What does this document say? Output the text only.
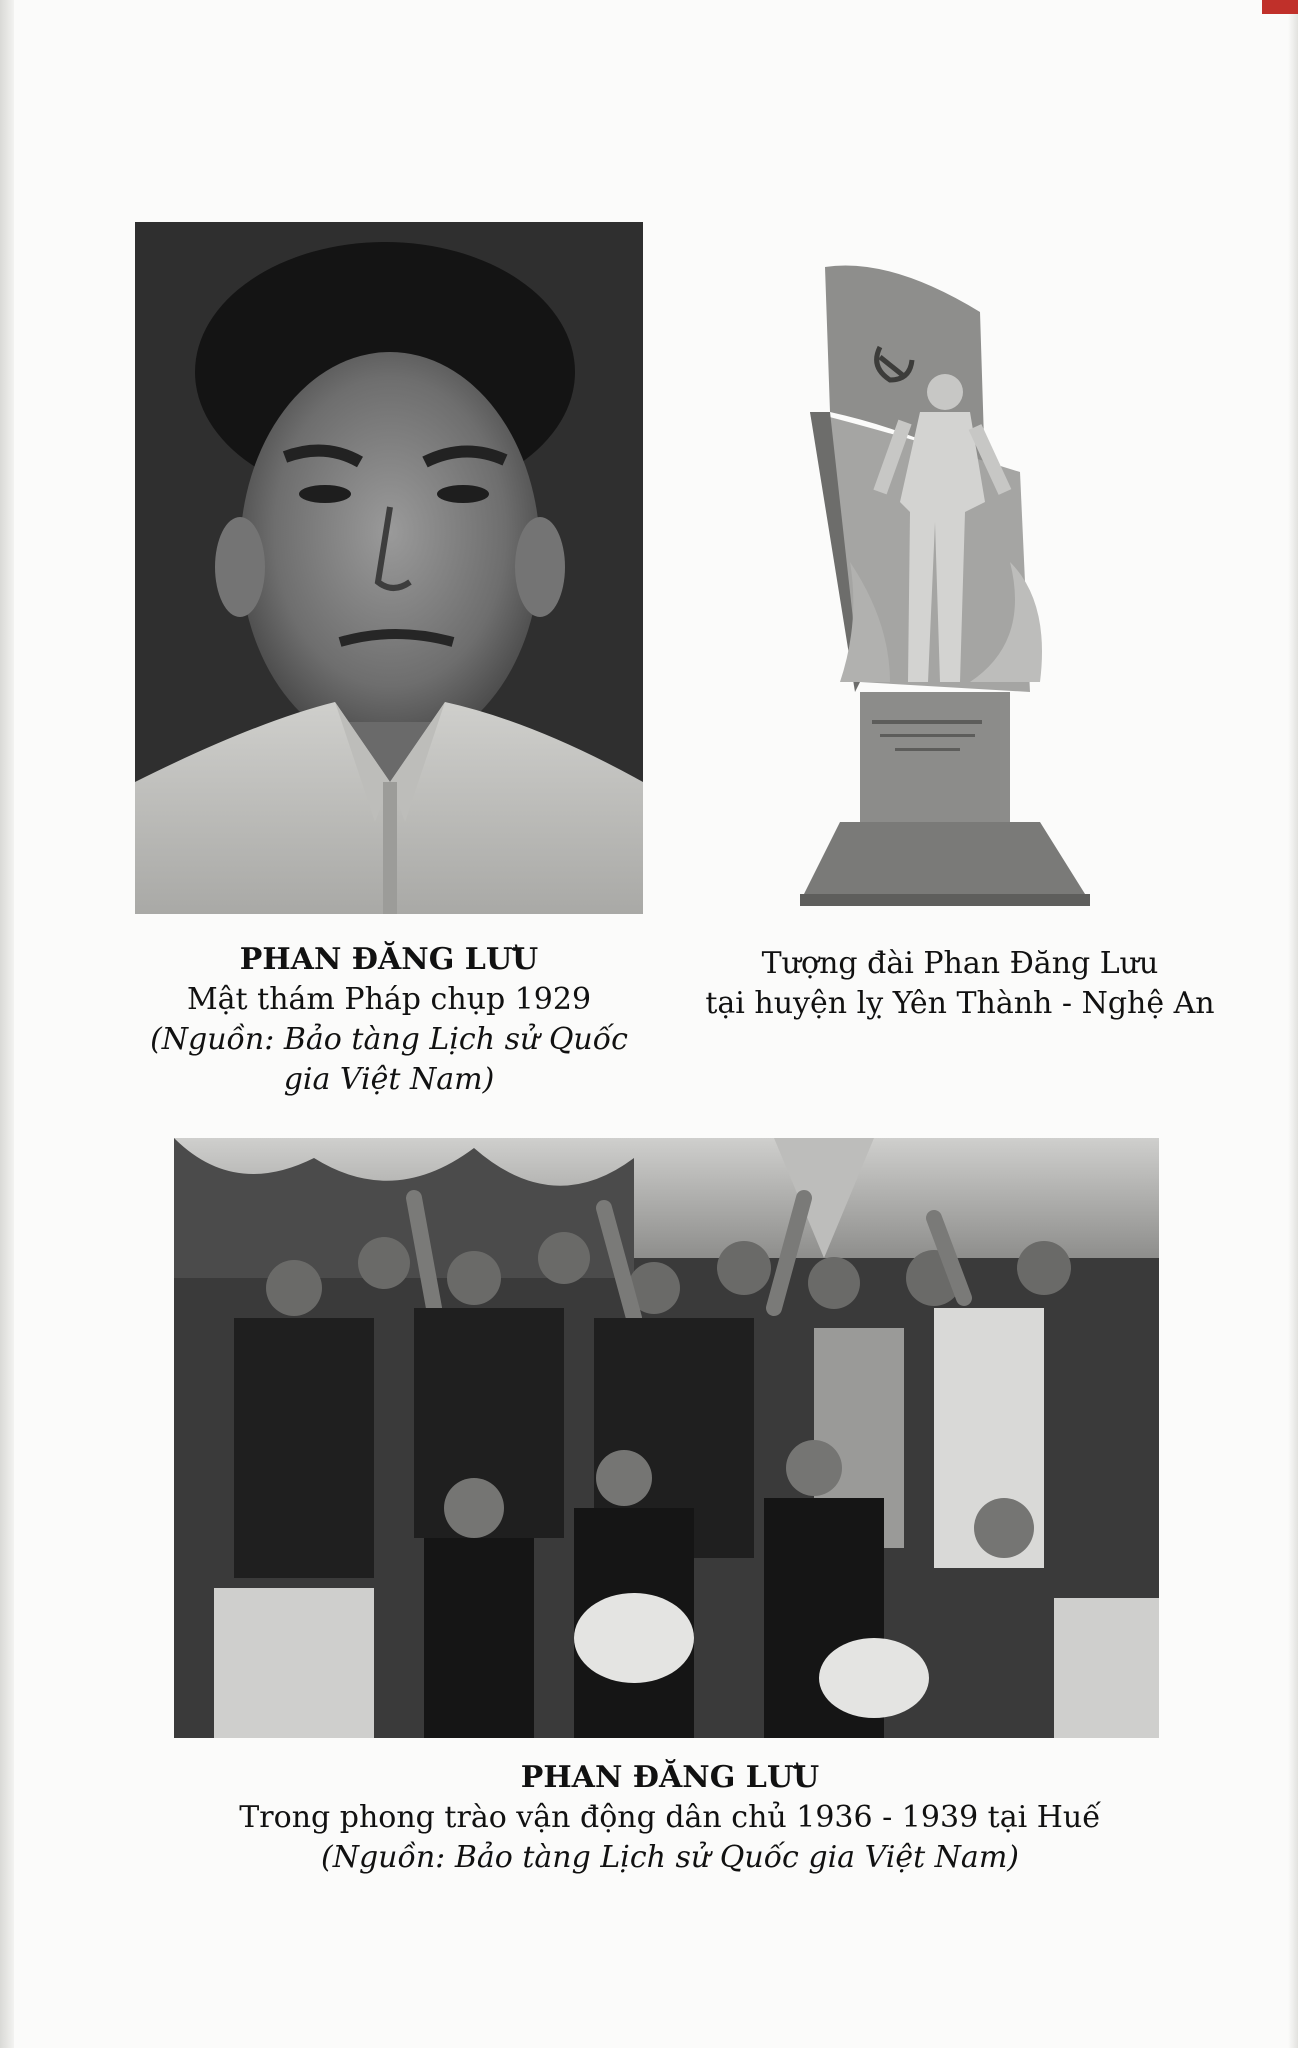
PHAN ĐĂNG LƯU
Mật thám Pháp chụp 1929
(Nguồn: Bảo tàng Lịch sử Quốc gia Việt Nam)
Tượng đài Phan Đăng Lưu
tại huyện lỵ Yên Thành - Nghệ An
PHAN ĐĂNG LƯU
Trong phong trào vận động dân chủ 1936 - 1939 tại Huế
(Nguồn: Bảo tàng Lịch sử Quốc gia Việt Nam)
